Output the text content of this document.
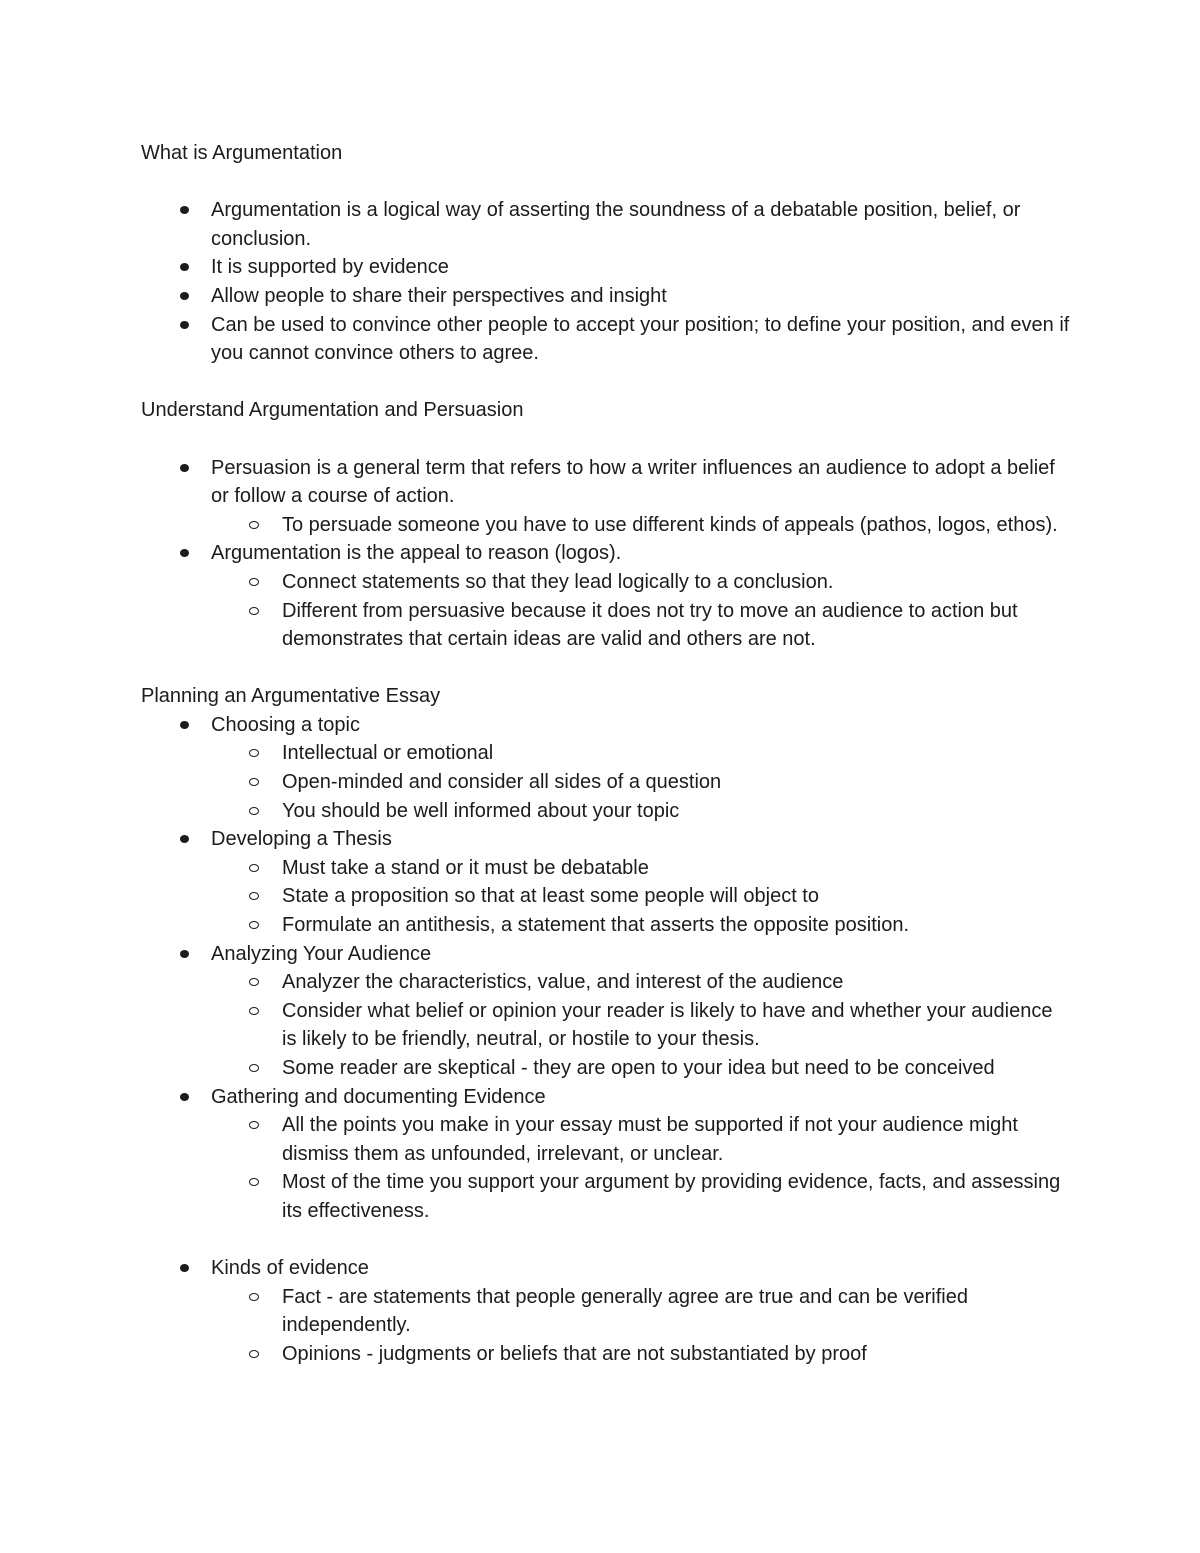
What is Argumentation

Argumentation is a logical way of asserting the soundness of a debatable position, belief, or conclusion.
It is supported by evidence
Allow people to share their perspectives and insight
Can be used to convince other people to accept your position; to define your position, and even if you cannot convince others to agree.

Understand Argumentation and Persuasion

Persuasion is a general term that refers to how a writer influences an audience to adopt a belief or follow a course of action.
To persuade someone you have to use different kinds of appeals (pathos, logos, ethos).
Argumentation is the appeal to reason (logos).
Connect statements so that they lead logically to a conclusion.
Different from persuasive because it does not try to move an audience to action but demonstrates that certain ideas are valid and others are not.

Planning an Argumentative Essay

Choosing a topic
Intellectual or emotional
Open-minded and consider all sides of a question
You should be well informed about your topic
Developing a Thesis
Must take a stand or it must be debatable
State a proposition so that at least some people will object to
Formulate an antithesis, a statement that asserts the opposite position.
Analyzing Your Audience
Analyzer the characteristics, value, and interest of the audience
Consider what belief or opinion your reader is likely to have and whether your audience is likely to be friendly, neutral, or hostile to your thesis.
Some reader are skeptical - they are open to your idea but need to be conceived
Gathering and documenting Evidence
All the points you make in your essay must be supported if not your audience might dismiss them as unfounded, irrelevant, or unclear.
Most of the time you support your argument by providing evidence, facts, and assessing its effectiveness.
Kinds of evidence
Fact - are statements that people generally agree are true and can be verified independently.
Opinions - judgments or beliefs that are not substantiated by proof
